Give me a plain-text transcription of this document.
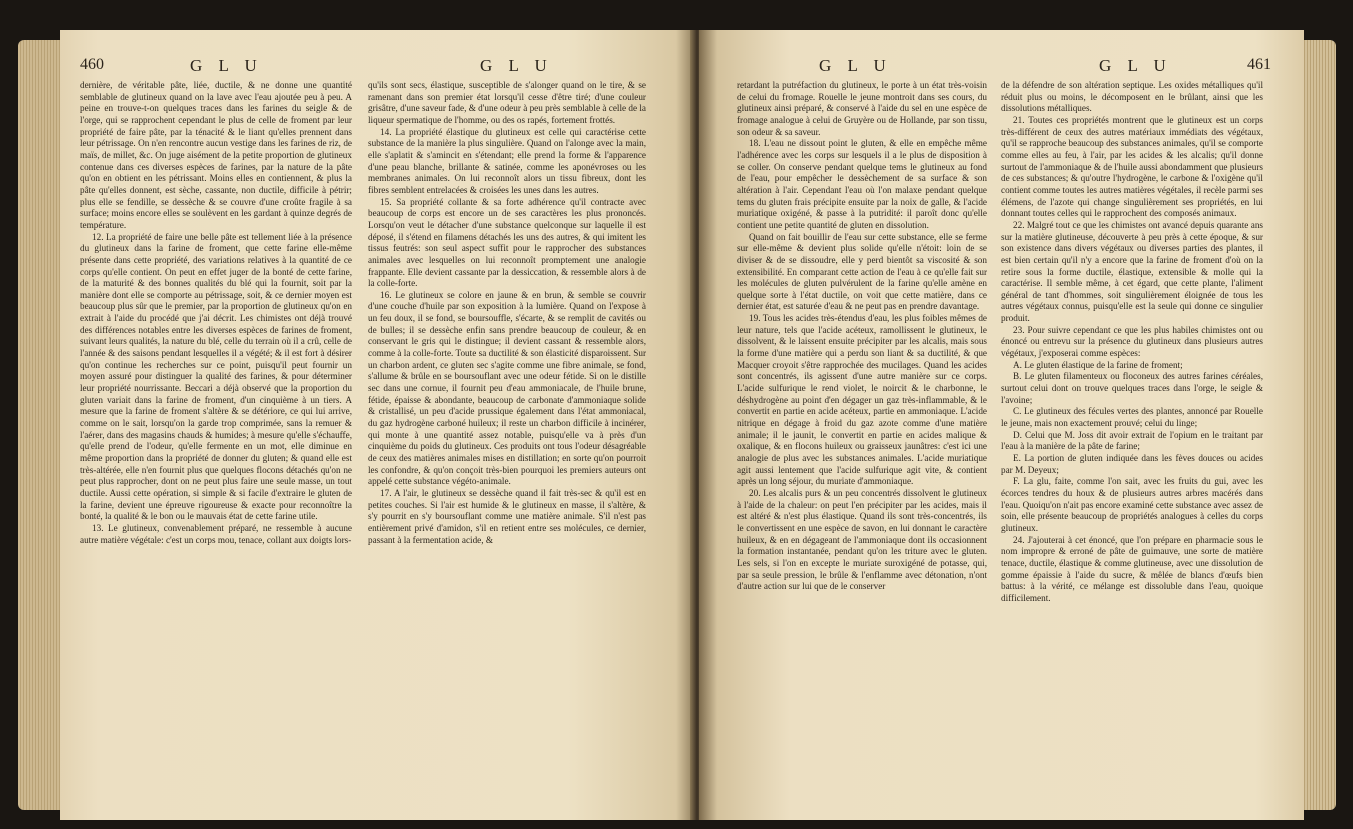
460	G L U	G L U

dernière, de véritable pâte, liée, ductile, & ne donne une quantité semblable de glutineux quand on la lave avec l'eau ajoutée peu à peu. A peine en trouve-t-on quelques traces dans les farines du seigle & de l'orge, qui se rapprochent cependant le plus de celle de froment par leur propriété de faire pâte, par la ténacité & le liant qu'elles prennent dans leur pétrissage. On n'en rencontre aucun vestige dans les farines de riz, de maïs, de millet, &c. On juge aisément de la petite proportion de glutineux contenue dans ces diverses espèces de farines, par la nature de la pâte qu'on en obtient en les pétrissant. Moins elles en contiennent, & plus la pâte qu'elles donnent, est sèche, cassante, non ductile, difficile à pétrir; plus elle se fendille, se dessèche & se couvre d'une croûte fragile à sa surface; moins encore elles se soulèvent en les gardant à quinze degrés de température.

12. La propriété de faire une belle pâte est tellement liée à la présence du glutineux dans la farine de froment, que cette farine elle-même présente dans cette propriété, des variations relatives à la quantité de ce corps qu'elle contient. On peut en effet juger de la bonté de cette farine, de la maturité & des bonnes qualités du blé qui la fournit, soit par la manière dont elle se comporte au pétrissage, soit, & ce dernier moyen est beaucoup plus sûr que le premier, par la proportion de glutineux qu'on en extrait à l'aide du procédé que j'ai décrit. Les chimistes ont déjà trouvé des différences notables entre les diverses espèces de farines de froment, suivant leurs qualités, la nature du blé, celle du terrain où il a crû, celle de l'année & des saisons pendant lesquelles il a végété; & il est fort à désirer qu'on continue les recherches sur ce point, puisqu'il peut fournir un moyen assuré pour distinguer la qualité des farines, & pour déterminer leur propriété nourrissante. Beccari a déjà observé que la proportion du gluten variait dans la farine de froment, d'un cinquième à un tiers. A mesure que la farine de froment s'altère & se détériore, ce qui lui arrive, comme on le sait, lorsqu'on la garde trop comprimée, sans la remuer & l'aérer, dans des magasins chauds & humides; à mesure qu'elle s'échauffe, qu'elle prend de l'odeur, qu'elle fermente en un mot, elle diminue en même proportion dans la propriété de donner du gluten; & quand elle est très-altérée, elle n'en fournit plus que quelques flocons détachés qu'on ne peut plus rapprocher, dont on ne peut plus faire une seule masse, un tout ductile. Aussi cette opération, si simple & si facile d'extraire le gluten de la farine, devient une épreuve rigoureuse & exacte pour reconnoître la bonté, la qualité & le bon ou le mauvais état de cette farine utile.

13. Le glutineux, convenablement préparé, ne ressemble à aucune autre matière végétale: c'est un corps mou, tenace, collant aux doigts lors-

qu'ils sont secs, élastique, susceptible de s'alonger quand on le tire, & se ramenant dans son premier état lorsqu'il cesse d'être tiré; d'une couleur grisâtre, d'une saveur fade, & d'une odeur à peu près semblable à celle de la liqueur spermatique de l'homme, ou des os rapés, fortement frottés.

14. La propriété élastique du glutineux est celle qui caractérise cette substance de la manière la plus singulière. Quand on l'alonge avec la main, elle s'aplatit & s'amincit en s'étendant; elle prend la forme & l'apparence d'une peau blanche, brillante & satinée, comme les aponévroses ou les membranes animales. On lui reconnoît alors un tissu fibreux, dont les fibres semblent entrelacées & croisées les unes dans les autres.

15. Sa propriété collante & sa forte adhérence qu'il contracte avec beaucoup de corps est encore un de ses caractères les plus prononcés. Lorsqu'on veut le détacher d'une substance quelconque sur laquelle il est déposé, il s'étend en filamens détachés les uns des autres, & qui imitent les tissus feutrés: son seul aspect suffit pour le rapprocher des substances animales avec lesquelles on lui reconnoît promptement une analogie frappante. Elle devient cassante par la dessiccation, & ressemble alors à de la colle-forte.

16. Le glutineux se colore en jaune & en brun, & semble se couvrir d'une couche d'huile par son exposition à la lumière. Quand on l'expose à un feu doux, il se fond, se boursouffle, s'écarte, & se remplit de cavités ou de bulles; il se dessèche enfin sans prendre beaucoup de couleur, & en conservant le gris qui le distingue; il devient cassant & ressemble alors, comme à la colle-forte. Toute sa ductilité & son élasticité disparoissent. Sur un charbon ardent, ce gluten sec s'agite comme une fibre animale, se fond, s'allume & brûle en se boursouflant avec une odeur fétide. Si on le distille sec dans une cornue, il fournit peu d'eau ammoniacale, de l'huile brune, fétide, épaisse & abondante, beaucoup de carbonate d'ammoniaque solide & cristallisé, un peu d'acide prussique également dans l'état ammoniacal, du gaz hydrogène carboné huileux; il reste un charbon difficile à incinérer, qui monte à une quantité assez notable, puisqu'elle va à près d'un cinquième du poids du glutineux. Ces produits ont tous l'odeur désagréable de ceux des matières animales mises en distillation; en sorte qu'on pourroit les confondre, & qu'on conçoit très-bien pourquoi les premiers auteurs ont appelé cette substance végéto-animale.

17. A l'air, le glutineux se dessèche quand il fait très-sec & qu'il est en petites couches. Si l'air est humide & le glutineux en masse, il s'altère, & s'y pourrit en s'y boursouflant comme une matière animale. S'il n'est pas entièrement privé d'amidon, s'il en retient entre ses molécules, ce dernier, passant à la fermentation acide, &

G L U	G L U	461

retardant la putréfaction du glutineux, le porte à un état très-voisin de celui du fromage. Rouelle le jeune montroit dans ses cours, du glutineux ainsi préparé, & conservé à l'aide du sel en une espèce de fromage analogue à celui de Gruyère ou de Hollande, par son tissu, son odeur & sa saveur.

18. L'eau ne dissout point le gluten, & elle en empêche même l'adhérence avec les corps sur lesquels il a le plus de disposition à se coller. On conserve pendant quelque tems le glutineux au fond de l'eau, pour empêcher le dessèchement de sa surface & son altération à l'air. Cependant l'eau où l'on malaxe pendant quelque tems du gluten frais précipite ensuite par la noix de galle, & l'acide muriatique oxigéné, & passe à la putridité: il paroît donc qu'elle contient une petite quantité de gluten en dissolution.

Quand on fait bouillir de l'eau sur cette substance, elle se ferme sur elle-même & devient plus solide qu'elle n'étoit: loin de se diviser & de se dissoudre, elle y perd bientôt sa viscosité & son extensibilité. En comparant cette action de l'eau à ce qu'elle fait sur les molécules de gluten pulvérulent de la farine qu'elle amène en quelque sorte à l'état ductile, on voit que cette matière, dans ce dernier état, est saturée d'eau & ne peut pas en prendre davantage.

19. Tous les acides très-étendus d'eau, les plus foibles mêmes de leur nature, tels que l'acide acéteux, ramollissent le glutineux, le dissolvent, & le laissent ensuite précipiter par les alcalis, mais sous la forme d'une matière qui a perdu son liant & sa ductilité, & que Macquer croyoit s'être rapprochée des mucilages. Quand les acides sont concentrés, ils agissent d'une autre manière sur ce corps. L'acide sulfurique le rend violet, le noircit & le charbonne, le déshydrogène au point d'en dégager un gaz très-inflammable, & le convertit en partie en acide acéteux, partie en ammoniaque. L'acide nitrique en dégage à froid du gaz azote comme d'une matière animale; il le jaunit, le convertit en partie en acides malique & oxalique, & en flocons huileux ou graisseux jaunâtres: c'est ici une analogie de plus avec les substances animales. L'acide muriatique agit aussi lentement que l'acide sulfurique agit vite, & contient après un long séjour, du muriate d'ammoniaque.

20. Les alcalis purs & un peu concentrés dissolvent le glutineux à l'aide de la chaleur: on peut l'en précipiter par les acides, mais il est altéré & n'est plus élastique. Quand ils sont très-concentrés, ils le convertissent en une espèce de savon, en lui donnant le caractère huileux, & en en dégageant de l'ammoniaque dont ils occasionnent la formation instantanée, pendant qu'on les triture avec le gluten. Les sels, si l'on en excepte le muriate suroxigéné de potasse, qui, par sa seule pression, le brûle & l'enflamme avec détonation, n'ont d'autre action sur lui que de le conserver

de la défendre de son altération septique. Les oxides métalliques qu'il réduit plus ou moins, le décomposent en le brûlant, ainsi que les dissolutions métalliques.

21. Toutes ces propriétés montrent que le glutineux est un corps très-différent de ceux des autres matériaux immédiats des végétaux, qu'il se rapproche beaucoup des substances animales, qu'il se comporte comme elles au feu, à l'air, par les acides & les alcalis; qu'il donne surtout de l'ammoniaque & de l'huile aussi abondamment que plusieurs de ces substances; & qu'outre l'hydrogène, le carbone & l'oxigène qu'il contient comme toutes les autres matières végétales, il recèle parmi ses élémens, de l'azote qui change singulièrement ses propriétés, en lui donnant toutes celles qui le rapprochent des composés animaux.

22. Malgré tout ce que les chimistes ont avancé depuis quarante ans sur la matière glutineuse, découverte à peu près à cette époque, & sur son existence dans divers végétaux ou diverses parties des plantes, il est bien certain qu'il n'y a encore que la farine de froment d'où on la retire sous la forme ductile, élastique, extensible & molle qui la caractérise. Il semble même, à cet égard, que cette plante, l'aliment général de tant d'hommes, soit singulièrement éloignée de tous les autres végétaux connus, puisqu'elle est la seule qui donne ce singulier produit.

23. Pour suivre cependant ce que les plus habiles chimistes ont ou énoncé ou entrevu sur la présence du glutineux dans plusieurs autres végétaux, j'exposerai comme espèces:

A. Le gluten élastique de la farine de froment;

B. Le gluten filamenteux ou floconeux des autres farines céréales, surtout celui dont on trouve quelques traces dans l'orge, le seigle & l'avoine;

C. Le glutineux des fécules vertes des plantes, annoncé par Rouelle le jeune, mais non exactement prouvé; celui du linge;

D. Celui que M. Joss dit avoir extrait de l'opium en le traitant par l'eau à la manière de la pâte de farine;

E. La portion de gluten indiquée dans les fèves douces ou acides par M. Deyeux;

F. La glu, faite, comme l'on sait, avec les fruits du gui, avec les écorces tendres du houx & de plusieurs autres arbres macérés dans l'eau. Quoiqu'on n'ait pas encore examiné cette substance avec assez de soin, elle présente beaucoup de propriétés analogues à celles du corps glutineux.

24. J'ajouterai à cet énoncé, que l'on prépare en pharmacie sous le nom impropre & erroné de pâte de guimauve, une sorte de matière tenace, ductile, élastique & comme glutineuse, avec une dissolution de gomme épaissie à l'aide du sucre, & mêlée de blancs d'œufs bien battus: à la vérité, ce mélange est dissoluble dans l'eau, quoique difficilement.
